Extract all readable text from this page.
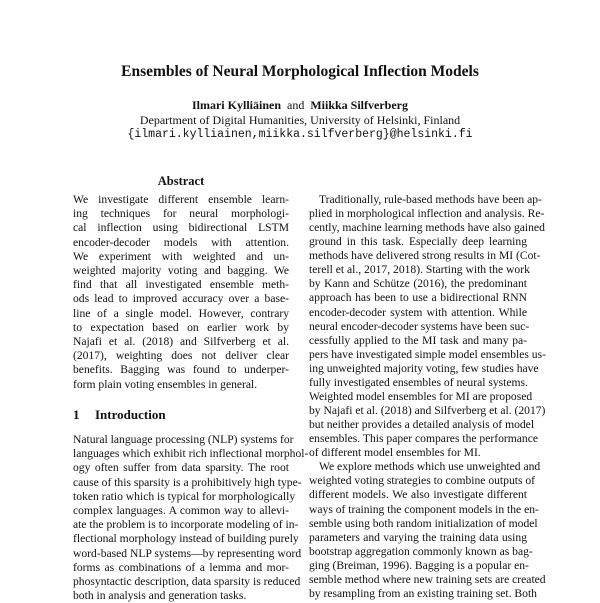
Ensembles of Neural Morphological Inflection Models
Ilmari Kylliäinen and Miikka Silfverberg
Department of Digital Humanities, University of Helsinki, Finland
{ilmari.kylliainen,miikka.silfverberg}@helsinki.fi
Abstract
We investigate different ensemble learn-
ing techniques for neural morphologi-
cal inflection using bidirectional LSTM
encoder-decoder models with attention.
We experiment with weighted and un-
weighted majority voting and bagging. We
find that all investigated ensemble meth-
ods lead to improved accuracy over a base-
line of a single model. However, contrary
to expectation based on earlier work by
Najafi et al. (2018) and Silfverberg et al.
(2017), weighting does not deliver clear
benefits. Bagging was found to underper-
form plain voting ensembles in general.
1 Introduction
Natural language processing (NLP) systems for
languages which exhibit rich inflectional morphol-
ogy often suffer from data sparsity. The root
cause of this sparsity is a prohibitively high type-
token ratio which is typical for morphologically
complex languages. A common way to allevi-
ate the problem is to incorporate modeling of in-
flectional morphology instead of building purely
word-based NLP systems—by representing word
forms as combinations of a lemma and mor-
phosyntactic description, data sparsity is reduced
both in analysis and generation tasks.
Traditionally, rule-based methods have been ap-
plied in morphological inflection and analysis. Re-
cently, machine learning methods have also gained
ground in this task. Especially deep learning
methods have delivered strong results in MI (Cot-
terell et al., 2017, 2018). Starting with the work
by Kann and Schütze (2016), the predominant
approach has been to use a bidirectional RNN
encoder-decoder system with attention. While
neural encoder-decoder systems have been suc-
cessfully applied to the MI task and many pa-
pers have investigated simple model ensembles us-
ing unweighted majority voting, few studies have
fully investigated ensembles of neural systems.
Weighted model ensembles for MI are proposed
by Najafi et al. (2018) and Silfverberg et al. (2017)
but neither provides a detailed analysis of model
ensembles. This paper compares the performance
of different model ensembles for MI.
We explore methods which use unweighted and
weighted voting strategies to combine outputs of
different models. We also investigate different
ways of training the component models in the en-
semble using both random initialization of model
parameters and varying the training data using
bootstrap aggregation commonly known as bag-
ging (Breiman, 1996). Bagging is a popular en-
semble method where new training sets are created
by resampling from an existing training set. Both
